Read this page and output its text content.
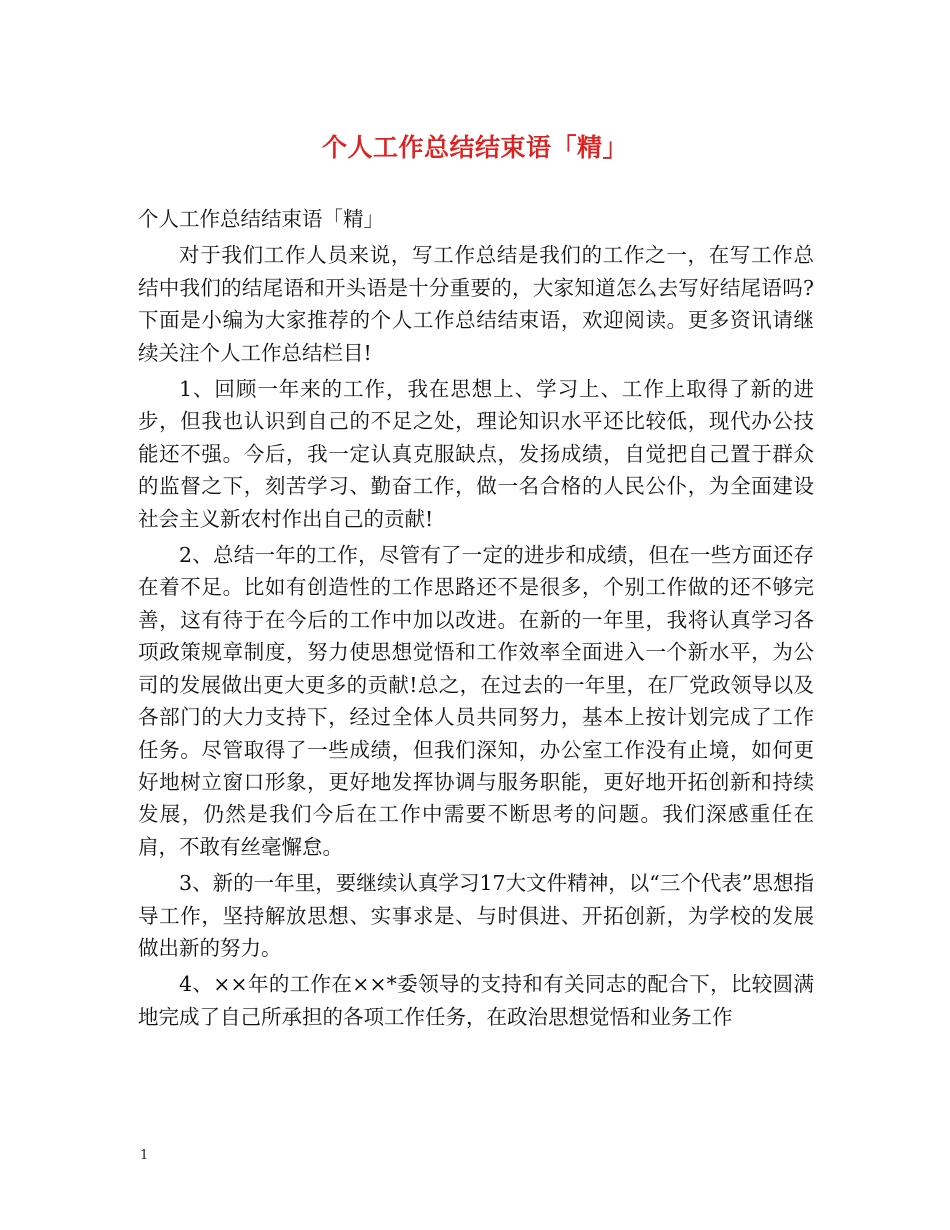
个人工作总结结束语「精」

个人工作总结结束语「精」

对于我们工作人员来说，写工作总结是我们的工作之一，在写工作总结中我们的结尾语和开头语是十分重要的，大家知道怎么去写好结尾语吗?下面是小编为大家推荐的个人工作总结结束语，欢迎阅读。更多资讯请继续关注个人工作总结栏目!

1、回顾一年来的工作，我在思想上、学习上、工作上取得了新的进步，但我也认识到自己的不足之处，理论知识水平还比较低，现代办公技能还不强。今后，我一定认真克服缺点，发扬成绩，自觉把自己置于群众的监督之下，刻苦学习、勤奋工作，做一名合格的人民公仆，为全面建设社会主义新农村作出自己的贡献!

2、总结一年的工作，尽管有了一定的进步和成绩，但在一些方面还存在着不足。比如有创造性的工作思路还不是很多，个别工作做的还不够完善，这有待于在今后的工作中加以改进。在新的一年里，我将认真学习各项政策规章制度，努力使思想觉悟和工作效率全面进入一个新水平，为公司的发展做出更大更多的贡献!总之，在过去的一年里，在厂党政领导以及各部门的大力支持下，经过全体人员共同努力，基本上按计划完成了工作任务。尽管取得了一些成绩，但我们深知，办公室工作没有止境，如何更好地树立窗口形象，更好地发挥协调与服务职能，更好地开拓创新和持续发展，仍然是我们今后在工作中需要不断思考的问题。我们深感重任在肩，不敢有丝毫懈怠。

3、新的一年里，要继续认真学习17大文件精神，以“三个代表”思想指导工作，坚持解放思想、实事求是、与时俱进、开拓创新，为学校的发展做出新的努力。

4、××年的工作在××*委领导的支持和有关同志的配合下，比较圆满地完成了自己所承担的各项工作任务，在政治思想觉悟和业务工作

1
